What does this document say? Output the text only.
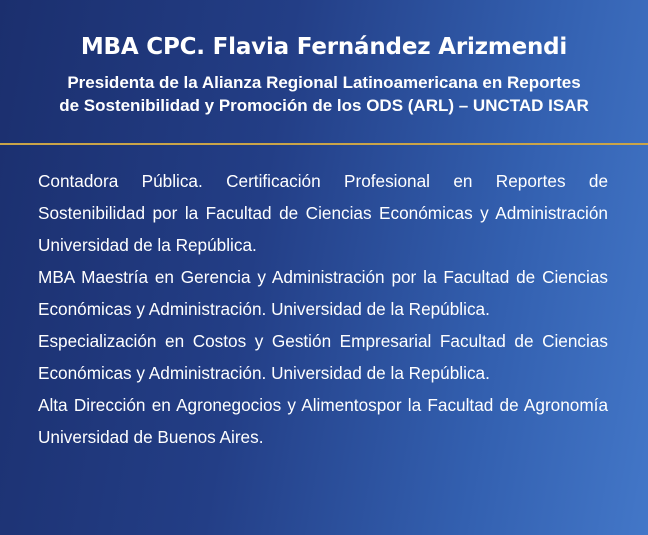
MBA CPC. Flavia Fernández Arizmendi
Presidenta de la Alianza Regional Latinoamericana en Reportes
de Sostenibilidad y Promoción de los ODS (ARL) – UNCTAD ISAR

Contadora Pública. Certificación Profesional en Reportes de Sostenibilidad por la Facultad de Ciencias Económicas y Administración Universidad de la República.

MBA Maestría en Gerencia y Administración por la Facultad de Ciencias Económicas y Administración. Universidad de la República.

Especialización en Costos y Gestión Empresarial Facultad de Ciencias Económicas y Administración. Universidad de la República.

Alta Dirección en Agronegocios y Alimentospor la Facultad de Agronomía Universidad de Buenos Aires.
